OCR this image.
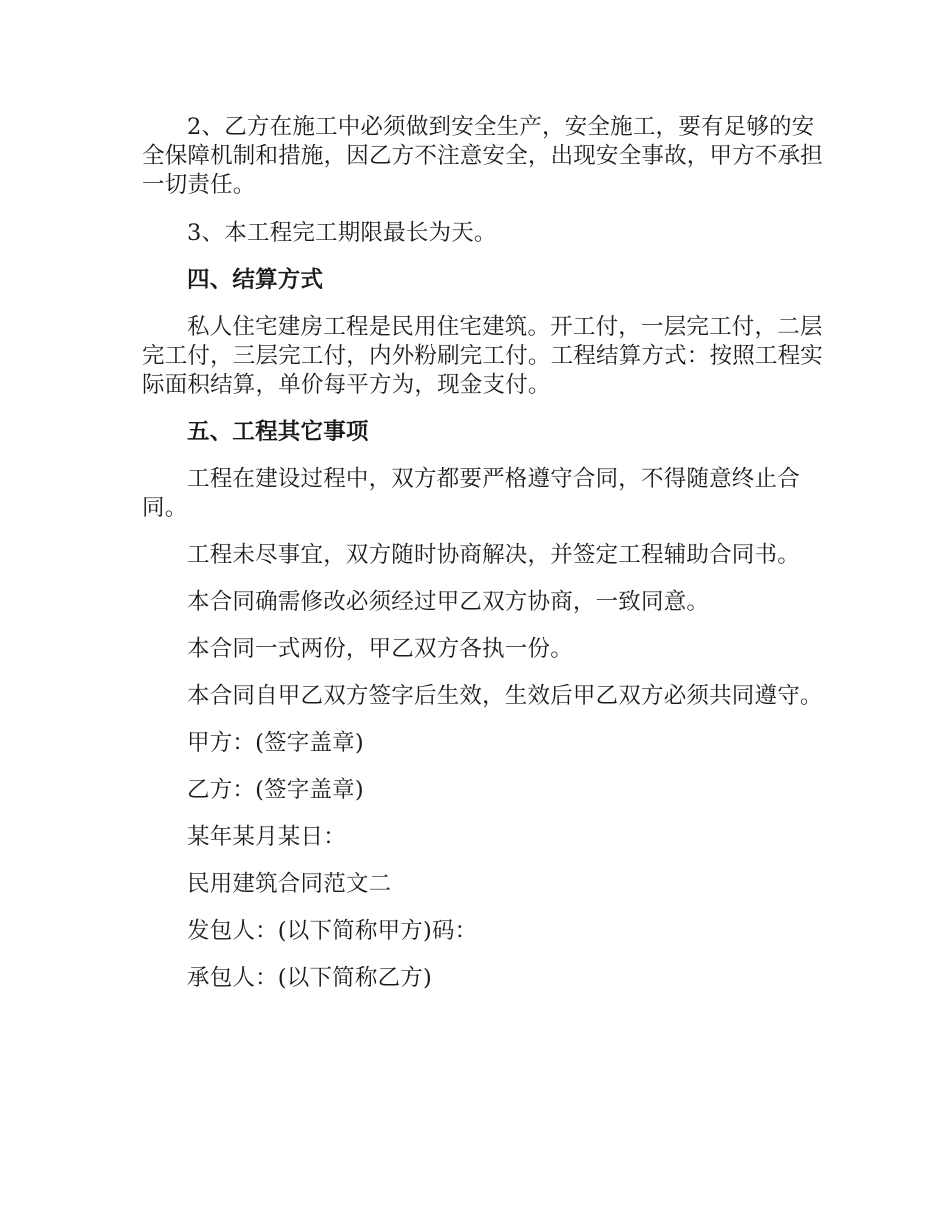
2、乙方在施工中必须做到安全生产，安全施工，要有足够的安全保障机制和措施，因乙方不注意安全，出现安全事故，甲方不承担一切责任。

3、本工程完工期限最长为天。

四、结算方式

私人住宅建房工程是民用住宅建筑。开工付，一层完工付，二层完工付，三层完工付，内外粉刷完工付。工程结算方式：按照工程实际面积结算，单价每平方为，现金支付。

五、工程其它事项

工程在建设过程中，双方都要严格遵守合同，不得随意终止合同。

工程未尽事宜，双方随时协商解决，并签定工程辅助合同书。

本合同确需修改必须经过甲乙双方协商，一致同意。

本合同一式两份，甲乙双方各执一份。

本合同自甲乙双方签字后生效，生效后甲乙双方必须共同遵守。

甲方：(签字盖章)

乙方：(签字盖章)

某年某月某日：

民用建筑合同范文二

发包人：(以下简称甲方)码：

承包人：(以下简称乙方)
